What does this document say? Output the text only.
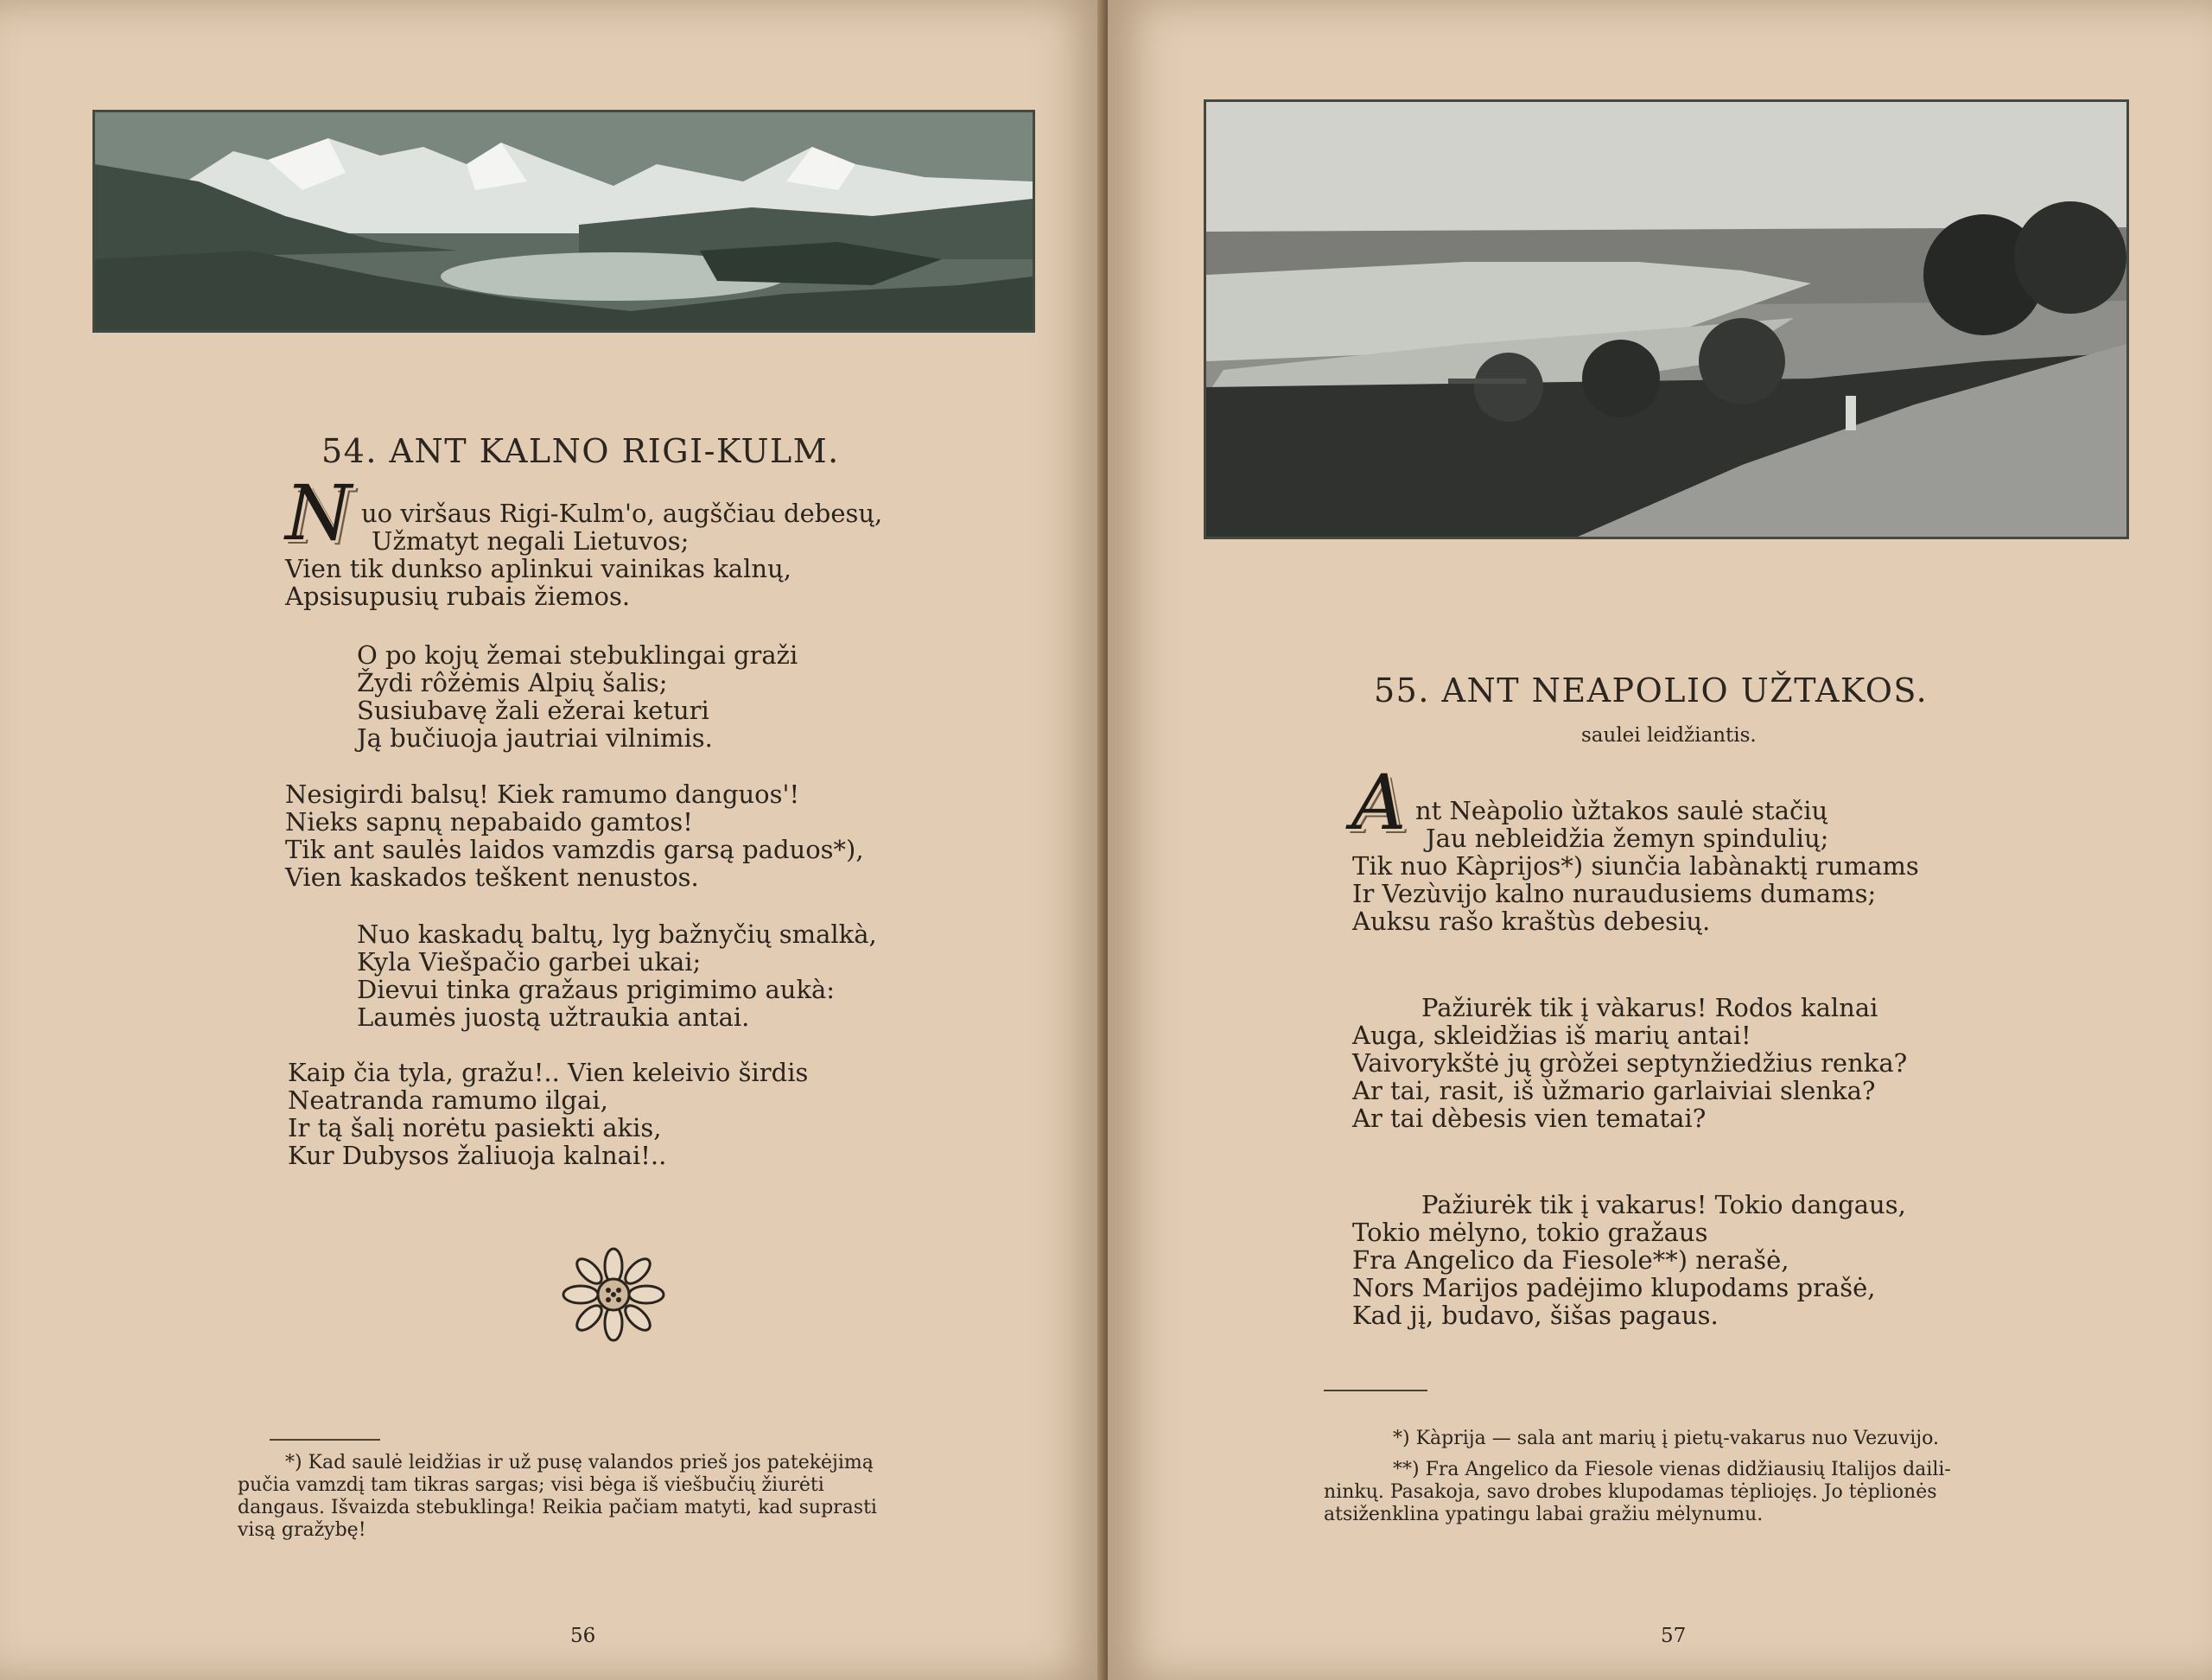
54. ANT KALNO RIGI-KULM.
N uo viršaus Rigi-Kulm'o, augščiau debesų,
Užmatyt negali Lietuvos;
Vien tik dunkso aplinkui vainikas kalnų,
Apsisupusių rubais žiemos.
O po kojų žemai stebuklingai graži
Žydi rôžėmis Alpių šalis;
Susiubavę žali ežerai keturi
Ją bučiuoja jautriai vilnimis.
Nesigirdi balsų! Kiek ramumo danguos'!
Nieks sapnų nepabaido gamtos!
Tik ant saulės laidos vamzdis garsą paduos*),
Vien kaskados teškent nenustos.
Nuo kaskadų baltų, lyg bažnyčių smalkà,
Kyla Viešpačio garbei ukai;
Dievui tinka gražaus prigimimo aukà:
Laumės juostą užtraukia antai.
Kaip čia tyla, gražu!.. Vien keleivio širdis
Neatranda ramumo ilgai,
Ir tą šalį norėtu pasiekti akis,
Kur Dubysos žaliuoja kalnai!..
*) Kad saulė leidžias ir už pusę valandos prieš jos patekėjimą
pučia vamzdį tam tikras sargas; visi bėga iš viešbučių žiurėti
dangaus. Išvaizda stebuklinga! Reikia pačiam matyti, kad suprasti
visą gražybę!
56
55. ANT NEAPOLIO UŽTAKOS.
saulei leidžiantis.
A nt Neàpolio ùžtakos saulė stačių
Jau nebleidžia žemyn spindulių;
Tik nuo Kàprijos*) siunčia labànaktį rumams
Ir Vezùvijo kalno nuraudusiems dumams;
Auksu rašo kraštùs debesių.
Pažiurėk tik į vàkarus! Rodos kalnai
Auga, skleidžias iš marių antai!
Vaivorykštė jų gròžei septynžiedžius renka?
Ar tai, rasit, iš ùžmario garlaiviai slenka?
Ar tai dèbesis vien tematai?
Pažiurėk tik į vakarus! Tokio dangaus,
Tokio mėlyno, tokio gražaus
Fra Angelico da Fiesole**) nerašė,
Nors Marijos padėjimo klupodams prašė,
Kad jį, budavo, šišas pagaus.
*) Kàprija — sala ant marių į pietų-vakarus nuo Vezuvijo.
**) Fra Angelico da Fiesole vienas didžiausių Italijos daili-
ninkų. Pasakoja, savo drobes klupodamas tėpliojęs. Jo tėplionės
atsiženklina ypatingu labai gražiu mėlynumu.
57
